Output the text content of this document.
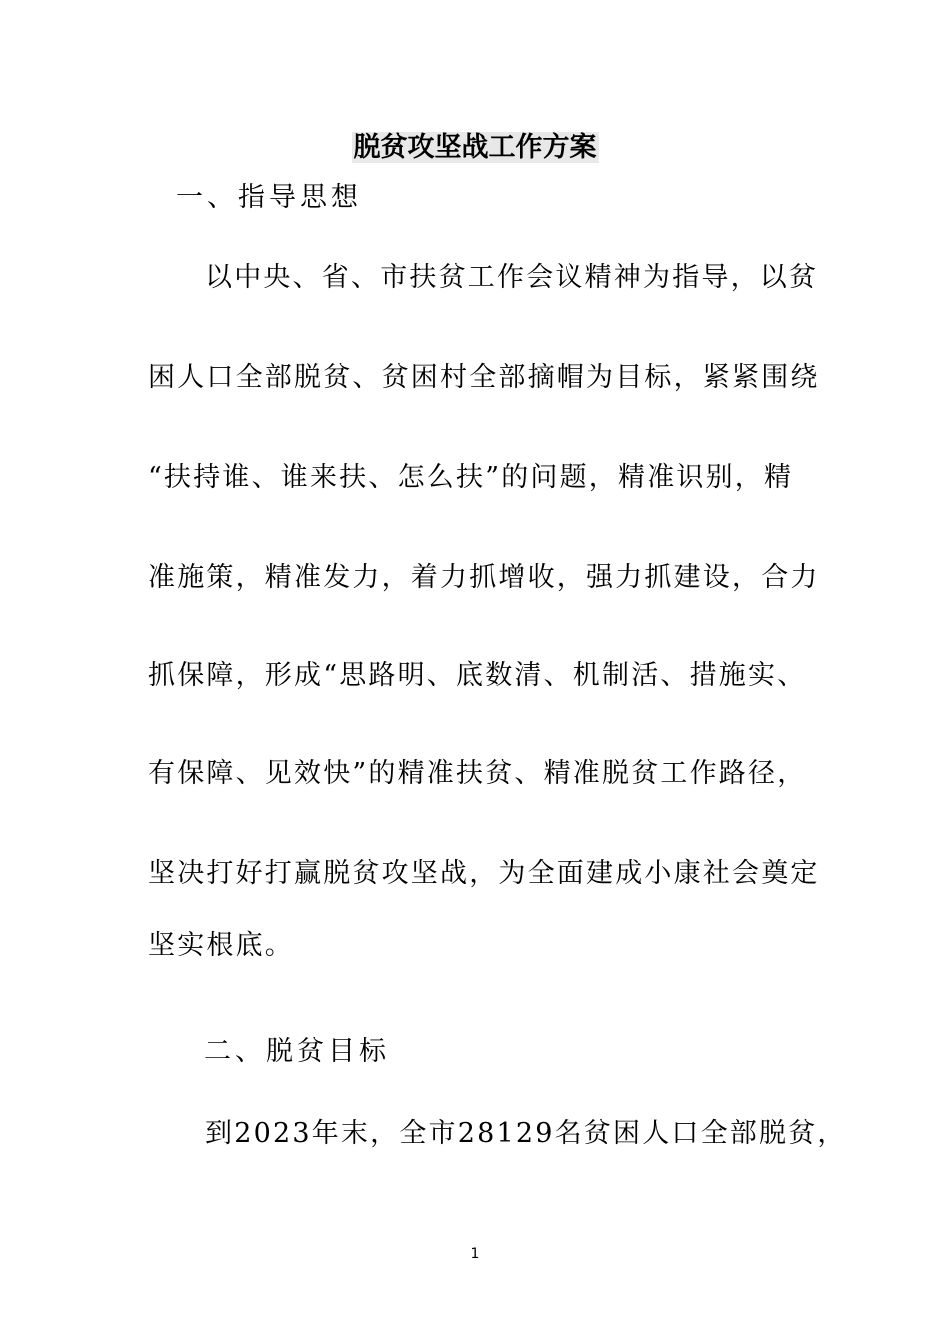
脱贫攻坚战工作方案
一、指导思想
以中央、省、市扶贫工作会议精神为指导，以贫
困人口全部脱贫、贫困村全部摘帽为目标，紧紧围绕
“扶持谁、谁来扶、怎么扶”的问题，精准识别，精
准施策，精准发力，着力抓增收，强力抓建设，合力
抓保障，形成“思路明、底数清、机制活、措施实、
有保障、见效快”的精准扶贫、精准脱贫工作路径，
坚决打好打赢脱贫攻坚战，为全面建成小康社会奠定
坚实根底。
二、脱贫目标
到2023年末，全市28129名贫困人口全部脱贫，
1
